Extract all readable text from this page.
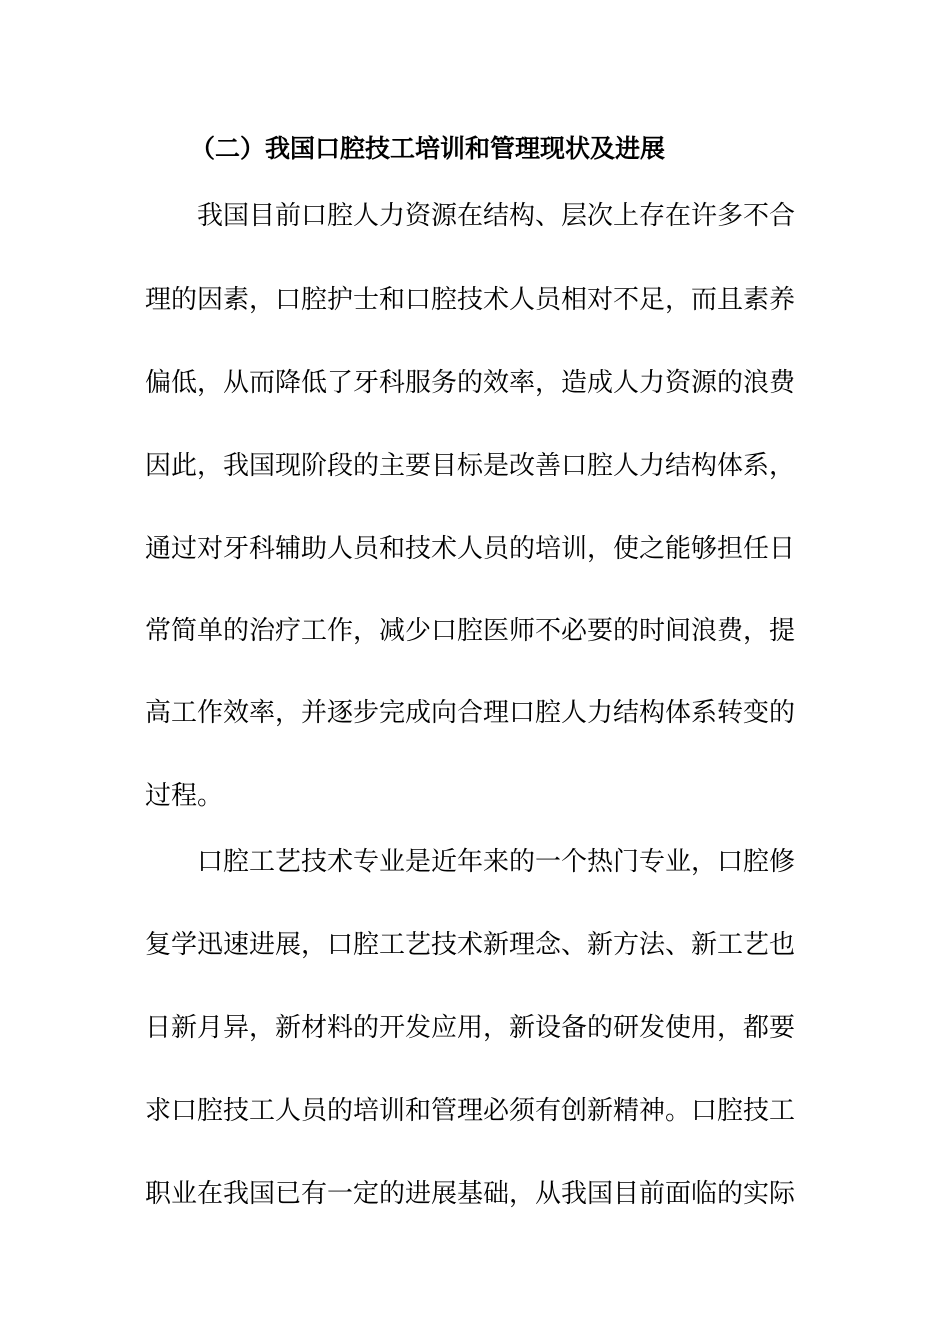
（二）我国口腔技工培训和管理现状及进展

我国目前口腔人力资源在结构、层次上存在许多不合

理的因素，口腔护士和口腔技术人员相对不足，而且素养

偏低，从而降低了牙科服务的效率，造成人力资源的浪费

因此，我国现阶段的主要目标是改善口腔人力结构体系，

通过对牙科辅助人员和技术人员的培训，使之能够担任日

常简单的治疗工作，减少口腔医师不必要的时间浪费，提

高工作效率，并逐步完成向合理口腔人力结构体系转变的

过程。

口腔工艺技术专业是近年来的一个热门专业，口腔修

复学迅速进展，口腔工艺技术新理念、新方法、新工艺也

日新月异，新材料的开发应用，新设备的研发使用，都要

求口腔技工人员的培训和管理必须有创新精神。口腔技工

职业在我国已有一定的进展基础，从我国目前面临的实际
